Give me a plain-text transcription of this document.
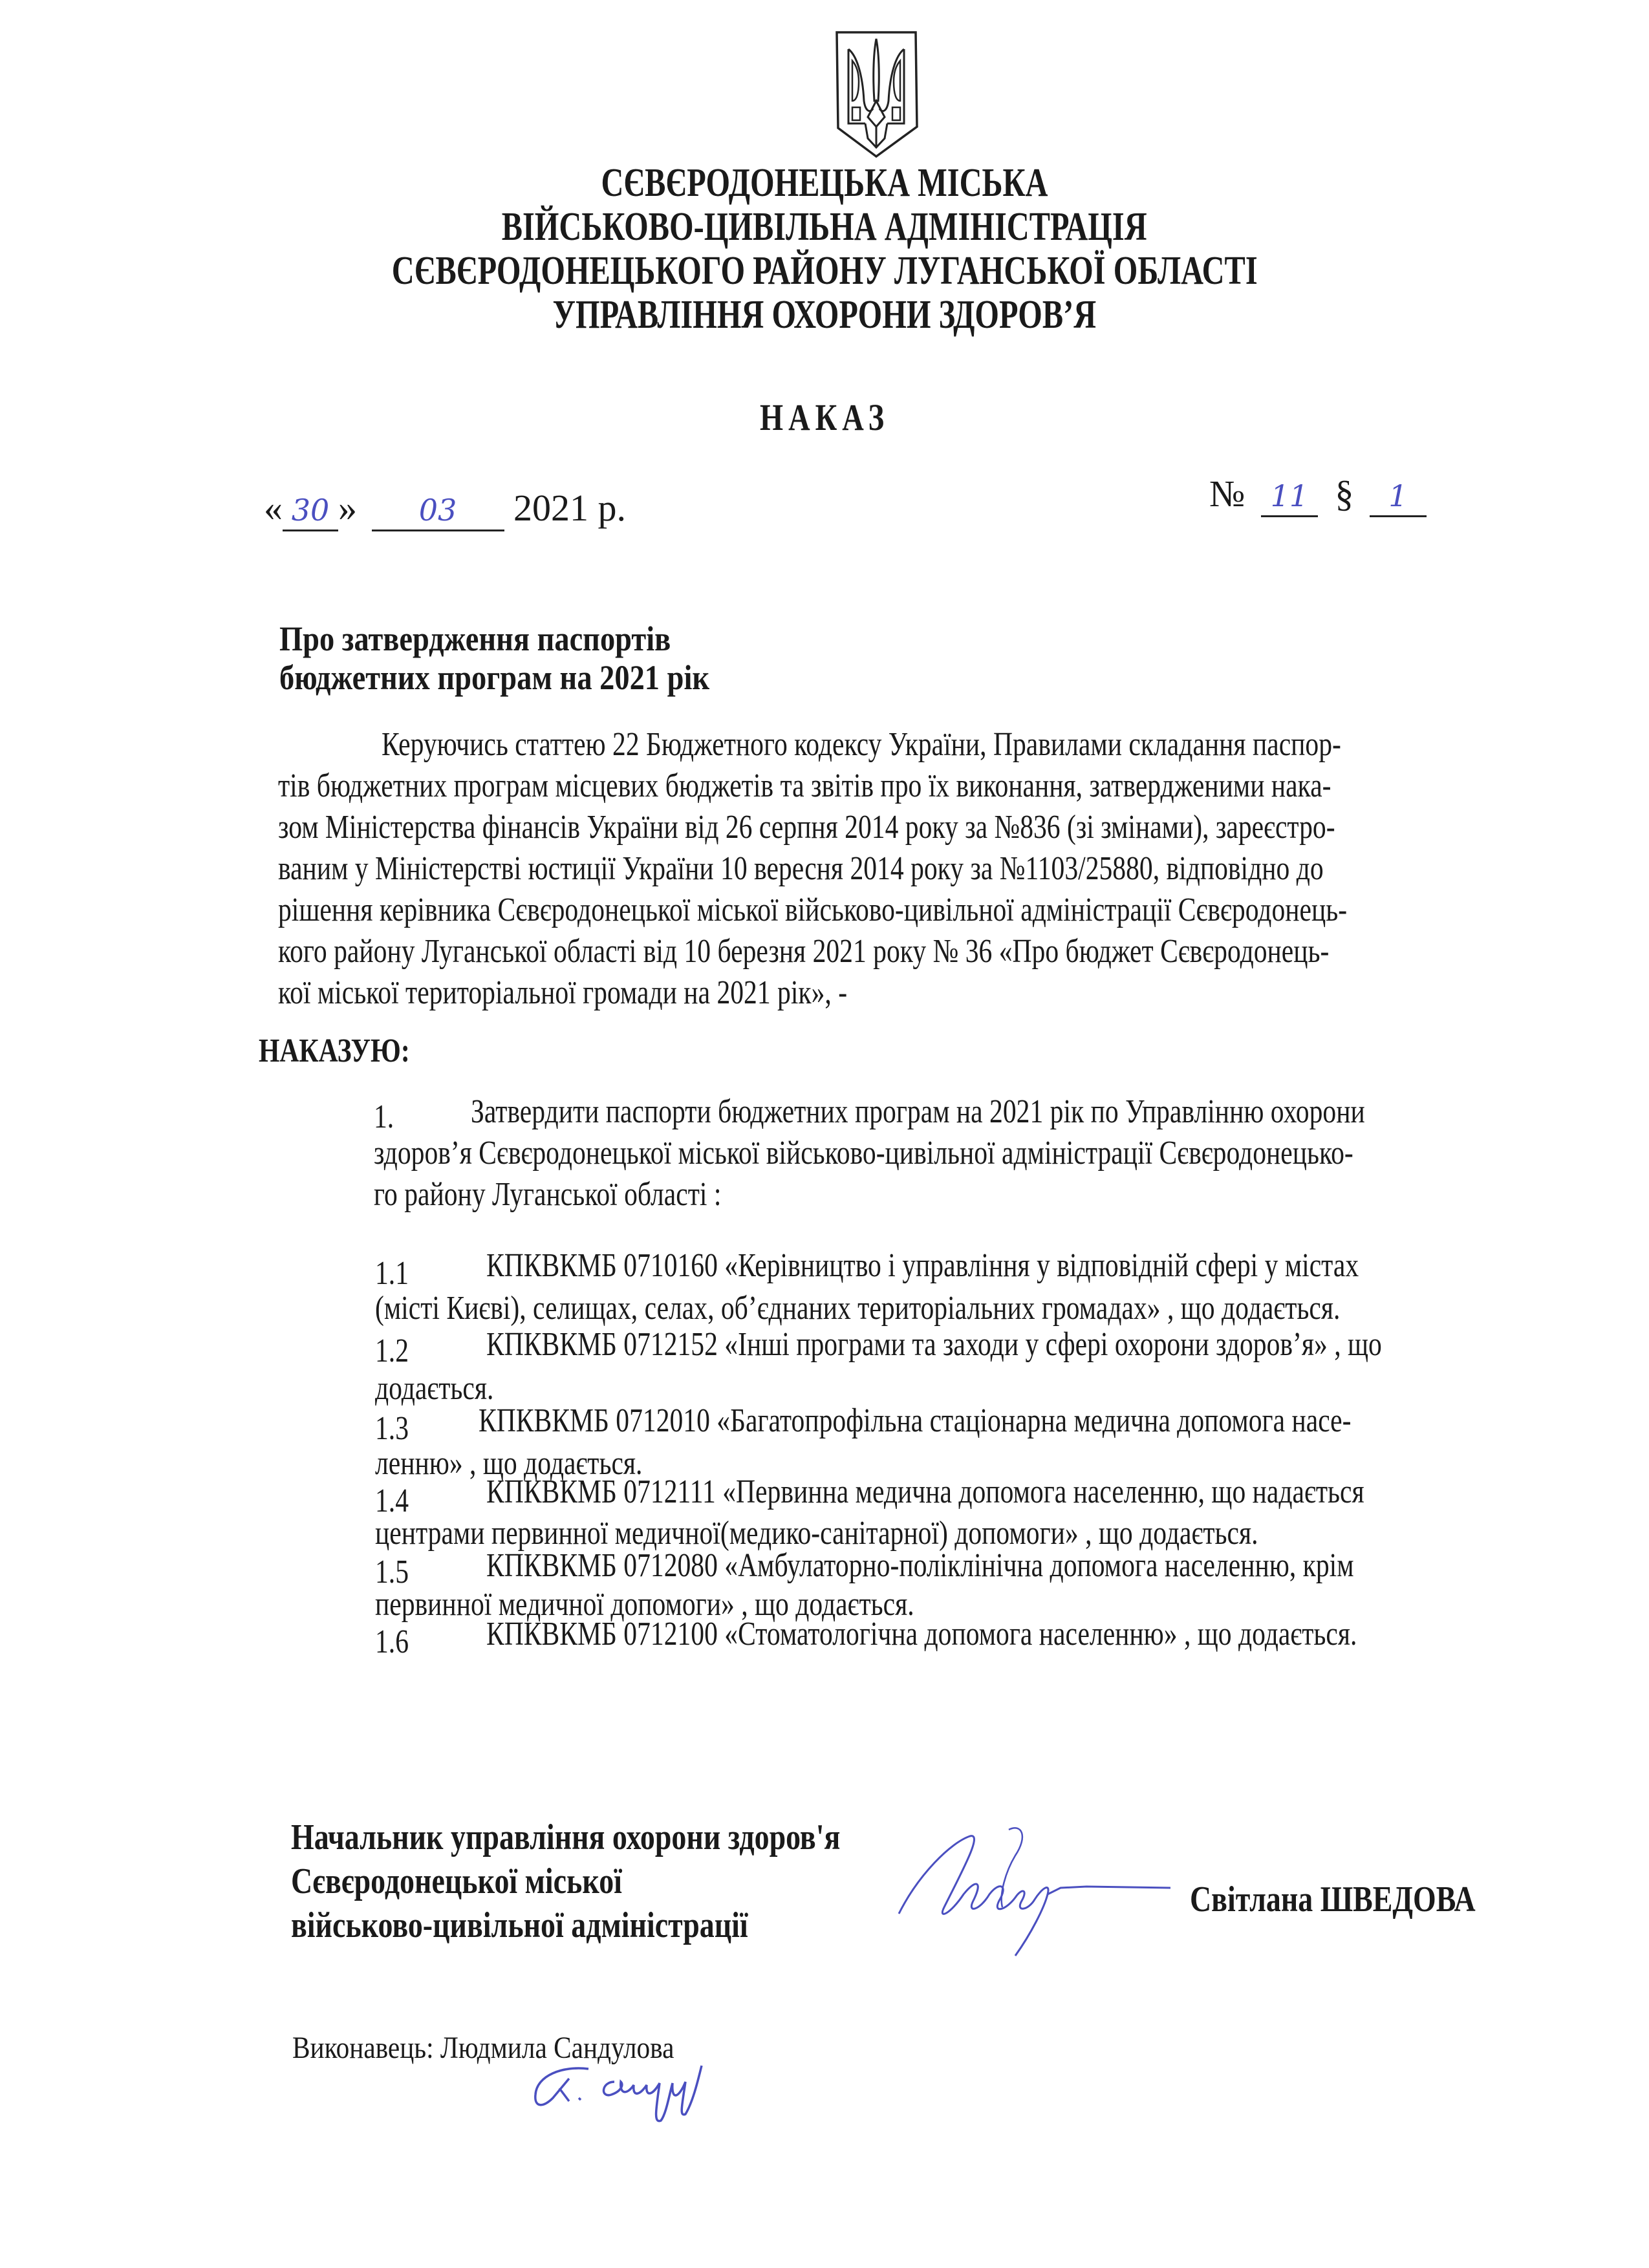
СЄВЄРОДОНЕЦЬКА МІСЬКА
ВІЙСЬКОВО-ЦИВІЛЬНА АДМІНІСТРАЦІЯ
СЄВЄРОДОНЕЦЬКОГО РАЙОНУ ЛУГАНСЬКОЇ ОБЛАСТІ
УПРАВЛІННЯ ОХОРОНИ ЗДОРОВ’Я
НАКАЗ
« 30 » 03 2021 р.	№ 11 § 1
Про затвердження паспортів
бюджетних програм на 2021 рік
Керуючись статтею 22 Бюджетного кодексу України, Правилами складання паспор-
тів бюджетних програм місцевих бюджетів та звітів про їх виконання, затвердженими нака-
зом Міністерства фінансів України від 26 серпня 2014 року за №836 (зі змінами), зареєстро-
ваним у Міністерстві юстиції України 10 вересня 2014 року за №1103/25880, відповідно до
рішення керівника Сєвєродонецької міської військово-цивільної адміністрації Сєвєродонець-
кого району Луганської області від 10 березня 2021 року № 36 «Про бюджет Сєвєродонець-
кої міської територіальної громади на 2021 рік», -
НАКАЗУЮ:
1. Затвердити паспорти бюджетних програм на 2021 рік по Управлінню охорони
здоров’я Сєвєродонецької міської військово-цивільної адміністрації Сєвєродонецько-
го району Луганської області :
1.1 КПКВКМБ 0710160 «Керівництво і управління у відповідній сфері у містах
(місті Києві), селищах, селах, об’єднаних територіальних громадах» , що додається.
1.2 КПКВКМБ 0712152 «Інші програми та заходи у сфері охорони здоров’я» , що
додається.
1.3 КПКВКМБ 0712010 «Багатопрофільна стаціонарна медична допомога насе-
ленню» , що додається.
1.4 КПКВКМБ 0712111 «Первинна медична допомога населенню, що надається
центрами первинної медичної(медико-санітарної) допомоги» , що додається.
1.5 КПКВКМБ 0712080 «Амбулаторно-поліклінічна допомога населенню, крім
первинної медичної допомоги» , що додається.
1.6 КПКВКМБ 0712100 «Стоматологічна допомога населенню» , що додається.
Начальник управління охорони здоров'я
Сєвєродонецької міської
військово-цивільної адміністрації
Світлана ШВЕДОВА
Виконавець: Людмила Сандулова
